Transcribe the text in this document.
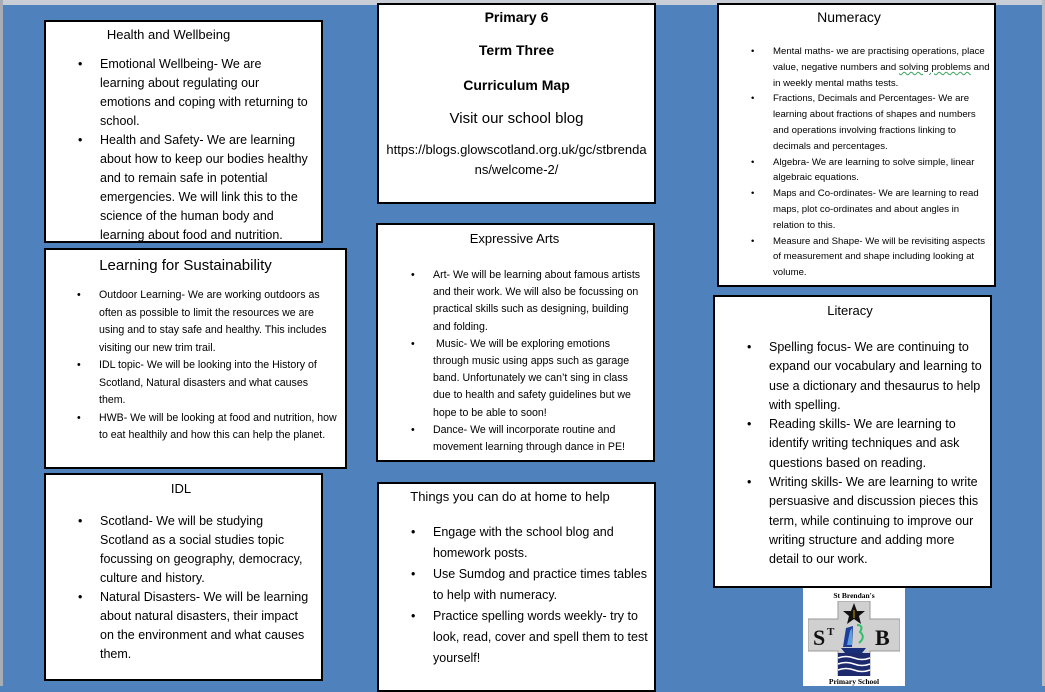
Health and Wellbeing
• Emotional Wellbeing- We are learning about regulating our emotions and coping with returning to school.
• Health and Safety- We are learning about how to keep our bodies healthy and to remain safe in potential emergencies. We will link this to the science of the human body and learning about food and nutrition.
Learning for Sustainability
• Outdoor Learning- We are working outdoors as often as possible to limit the resources we are using and to stay safe and healthy. This includes visiting our new trim trail.
• IDL topic- We will be looking into the History of Scotland, Natural disasters and what causes them.
• HWB- We will be looking at food and nutrition, how to eat healthily and how this can help the planet.
IDL
• Scotland- We will be studying Scotland as a social studies topic focussing on geography, democracy, culture and history.
• Natural Disasters- We will be learning about natural disasters, their impact on the environment and what causes them.
Primary 6
Term Three
Curriculum Map
Visit our school blog
https://blogs.glowscotland.org.uk/gc/stbrendans/welcome-2/
Expressive Arts
• Art- We will be learning about famous artists and their work. We will also be focussing on practical skills such as designing, building and folding.
• Music- We will be exploring emotions through music using apps such as garage band. Unfortunately we can’t sing in class due to health and safety guidelines but we hope to be able to soon!
• Dance- We will incorporate routine and movement learning through dance in PE!
Things you can do at home to help
• Engage with the school blog and homework posts.
• Use Sumdog and practice times tables to help with numeracy.
• Practice spelling words weekly- try to look, read, cover and spell them to test yourself!
Numeracy
• Mental maths- we are practising operations, place value, negative numbers and solving problems and in weekly mental maths tests.
• Fractions, Decimals and Percentages- We are learning about fractions of shapes and numbers and operations involving fractions linking to decimals and percentages.
• Algebra- We are learning to solve simple, linear algebraic equations.
• Maps and Co-ordinates- We are learning to read maps, plot co-ordinates and about angles in relation to this.
• Measure and Shape- We will be revisiting aspects of measurement and shape including looking at volume.
Literacy
• Spelling focus- We are continuing to expand our vocabulary and learning to use a dictionary and thesaurus to help with spelling.
• Reading skills- We are learning to identify writing techniques and ask questions based on reading.
• Writing skills- We are learning to write persuasive and discussion pieces this term, while continuing to improve our writing structure and adding more detail to our work.
St Brendan's
S T B
Primary School
